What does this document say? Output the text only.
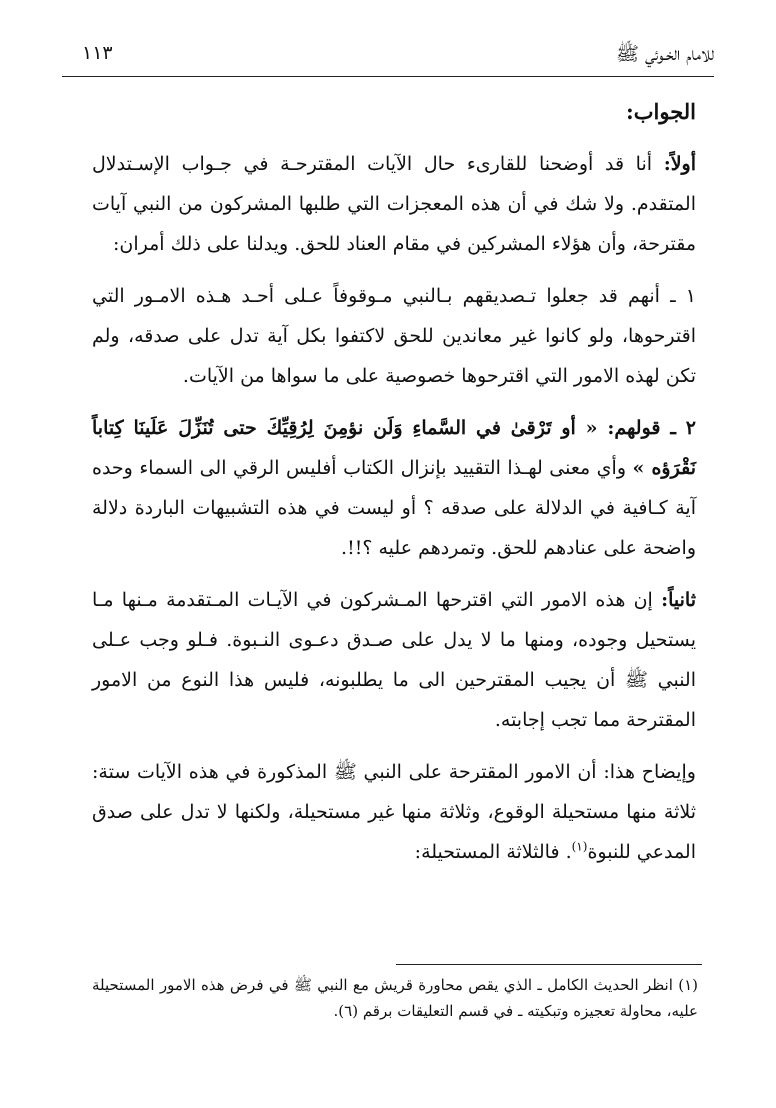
للامام الخـوئي ﷺ
١١٣

الجواب:

أولاً: أنا قد أوضحنا للقارىء حال الآيات المقترحـة في جـواب الإسـتدلال المتقدم. ولا شك في أن هذه المعجزات التي طلبها المشركون من النبي آيات مقترحة، وأن هؤلاء المشركين في مقام العناد للحق. ويدلنا على ذلك أمران:

١ ـ أنهم قد جعلوا تـصديقهم بـالنبي مـوقوفاً عـلى أحـد هـذه الامـور التي اقترحوها، ولو كانوا غير معاندين للحق لاكتفوا بكل آية تدل على صدقه، ولم تكن لهذه الامور التي اقترحوها خصوصية على ما سواها من الآيات.

٢ ـ قولهم: « أو تَرْقىٰ في السَّماءِ وَلَن نؤمِنَ لِرُقِيِّكَ حتى تُنَزِّلَ عَلَينَا كِتاباً نَقْرَؤه » وأي معنى لهـذا التقييد بإنزال الكتاب أفليس الرقي الى السماء وحده آية كـافية في الدلالة على صدقه ؟ أو ليست في هذه التشبيهات الباردة دلالة واضحة على عنادهم للحق. وتمردهم عليه ؟!!.

ثانياً: إن هذه الامور التي اقترحها المـشركون في الآيـات المـتقدمة مـنها مـا يستحيل وجوده، ومنها ما لا يدل على صـدق دعـوى النـبوة. فـلو وجب عـلى النبي ﷺ أن يجيب المقترحين الى ما يطلبونه، فليس هذا النوع من الامور المقترحة مما تجب إجابته.

وإيضاح هذا: أن الامور المقترحة على النبي ﷺ المذكورة في هذه الآيات ستة: ثلاثة منها مستحيلة الوقوع، وثلاثة منها غير مستحيلة، ولكنها لا تدل على صدق المدعي للنبوة$^{(١)}$. فالثلاثة المستحيلة:

(١) انظر الحديث الكامل ـ الذي يقص محاورة قريش مع النبي ﷺ في فرض هذه الامور المستحيلة عليه، محاولة تعجيزه وتبكيته ـ في قسم التعليقات برقم (٦).
